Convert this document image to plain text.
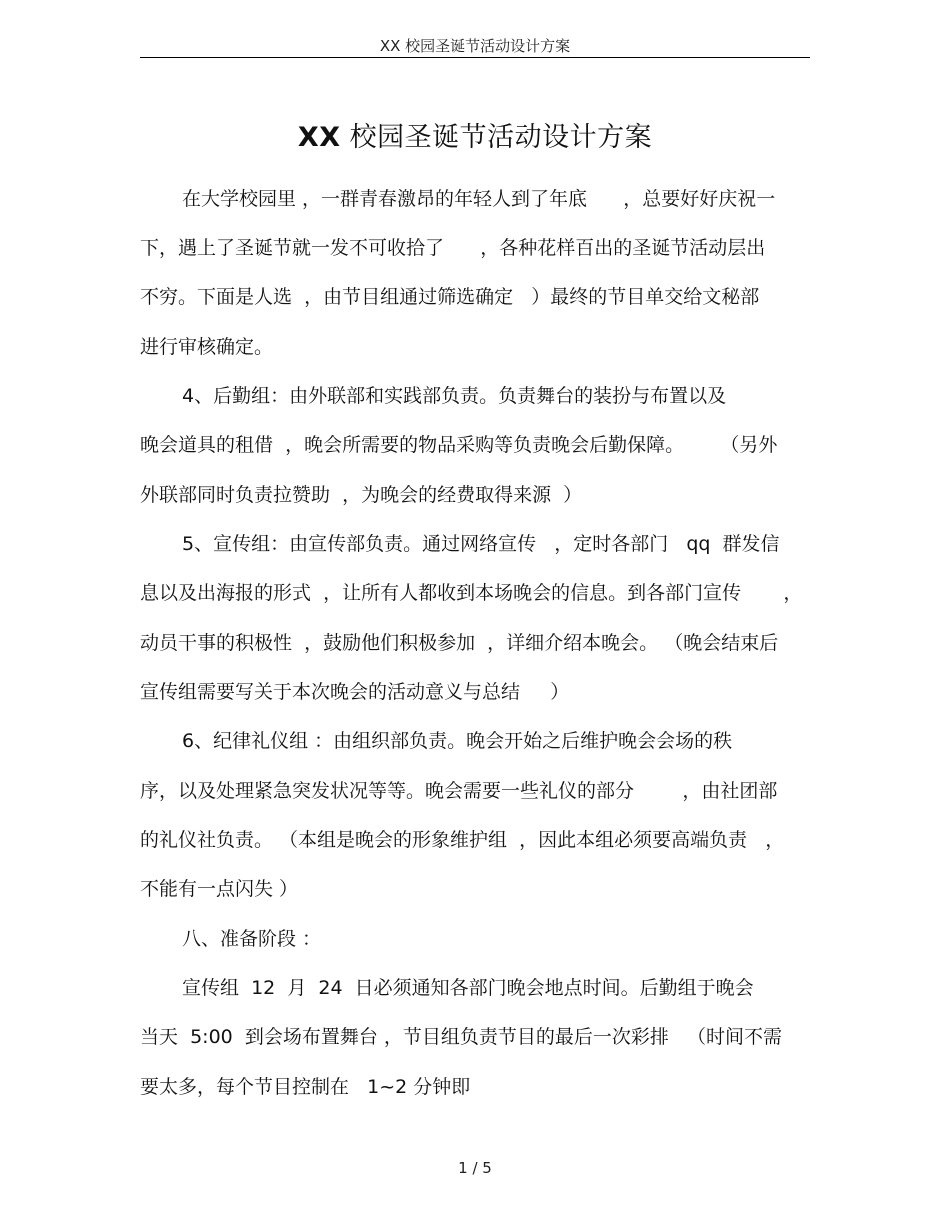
XX 校园圣诞节活动设计方案
XX 校园圣诞节活动设计方案
在大学校园里 ，一群青春激昂的年轻人到了年底      ，总要好好庆祝一
下，遇上了圣诞节就一发不可收拾了      ，各种花样百出的圣诞节活动层出
不穷。下面是人选  ，由节目组通过筛选确定   ）最终的节目单交给文秘部
进行审核确定。
4、后勤组：由外联部和实践部负责。负责舞台的装扮与布置以及
晚会道具的租借  ，晚会所需要的物品采购等负责晚会后勤保障。      （另外
外联部同时负责拉赞助  ，为晚会的经费取得来源  ）
5、宣传组：由宣传部负责。通过网络宣传   ，定时各部门   qq  群发信
息以及出海报的形式  ，让所有人都收到本场晚会的信息。到各部门宣传       ，
动员干事的积极性  ，鼓励他们积极参加  ，详细介绍本晚会。 （晚会结束后
宣传组需要写关于本次晚会的活动意义与总结     ）
6、纪律礼仪组 ：由组织部负责。晚会开始之后维护晚会会场的秩
序，以及处理紧急突发状况等等。晚会需要一些礼仪的部分        ，由社团部
的礼仪社负责。 （本组是晚会的形象维护组  ，因此本组必须要高端负责   ，
不能有一点闪失 ）
八、准备阶段 ：
宣传组  12  月  24  日必须通知各部门晚会地点时间。后勤组于晚会
当天  5:00  到会场布置舞台 ，节目组负责节目的最后一次彩排   （时间不需
要太多，每个节目控制在   1~2 分钟即
1 / 5
